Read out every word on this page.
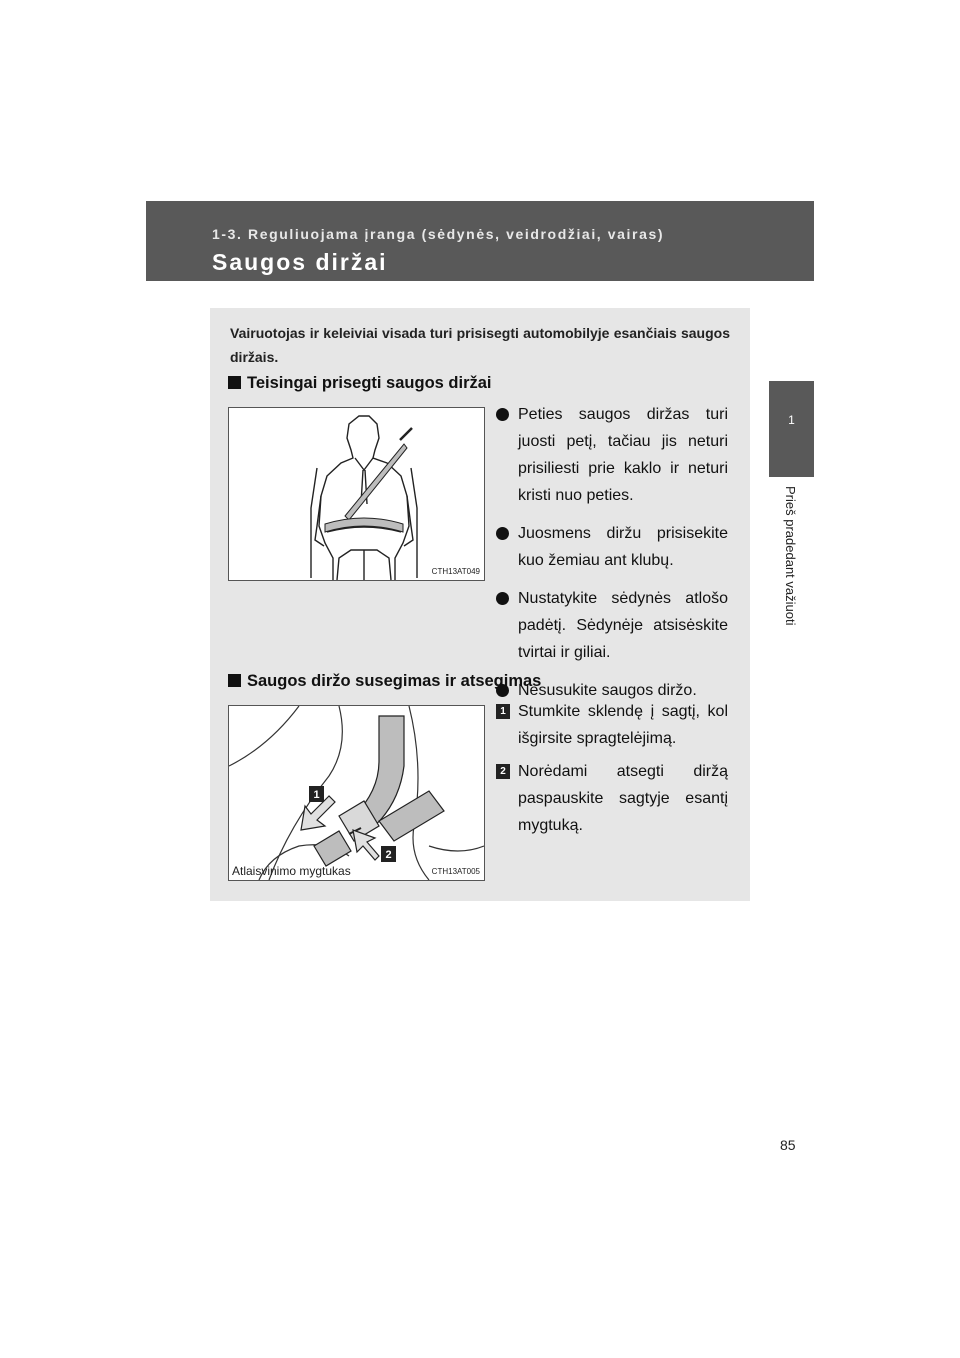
1-3. Reguliuojama įranga (sėdynės, veidrodžiai, vairas)
Saugos diržai
1
Prieš pradedant važiuoti
Vairuotojas ir keleiviai visada turi prisisegti automobilyje esančiais saugos diržais.
Teisingai prisegti saugos diržai
CTH13AT049
Peties saugos diržas turi juosti petį, tačiau jis neturi prisiliesti prie kaklo ir neturi kristi nuo peties.
Juosmens diržu prisisekite kuo žemiau ant klubų.
Nustatykite sėdynės atlošo padėtį. Sėdynėje atsisėskite tvirtai ir giliai.
Nesusukite saugos diržo.
Saugos diržo susegimas ir atsegimas
1
2
Atlaisvinimo mygtukas	CTH13AT005
1 Stumkite sklendę į sagtį, kol išgirsite spragtelėjimą.
2 Norėdami atsegti diržą paspauskite sagtyje esantį mygtuką.
85
